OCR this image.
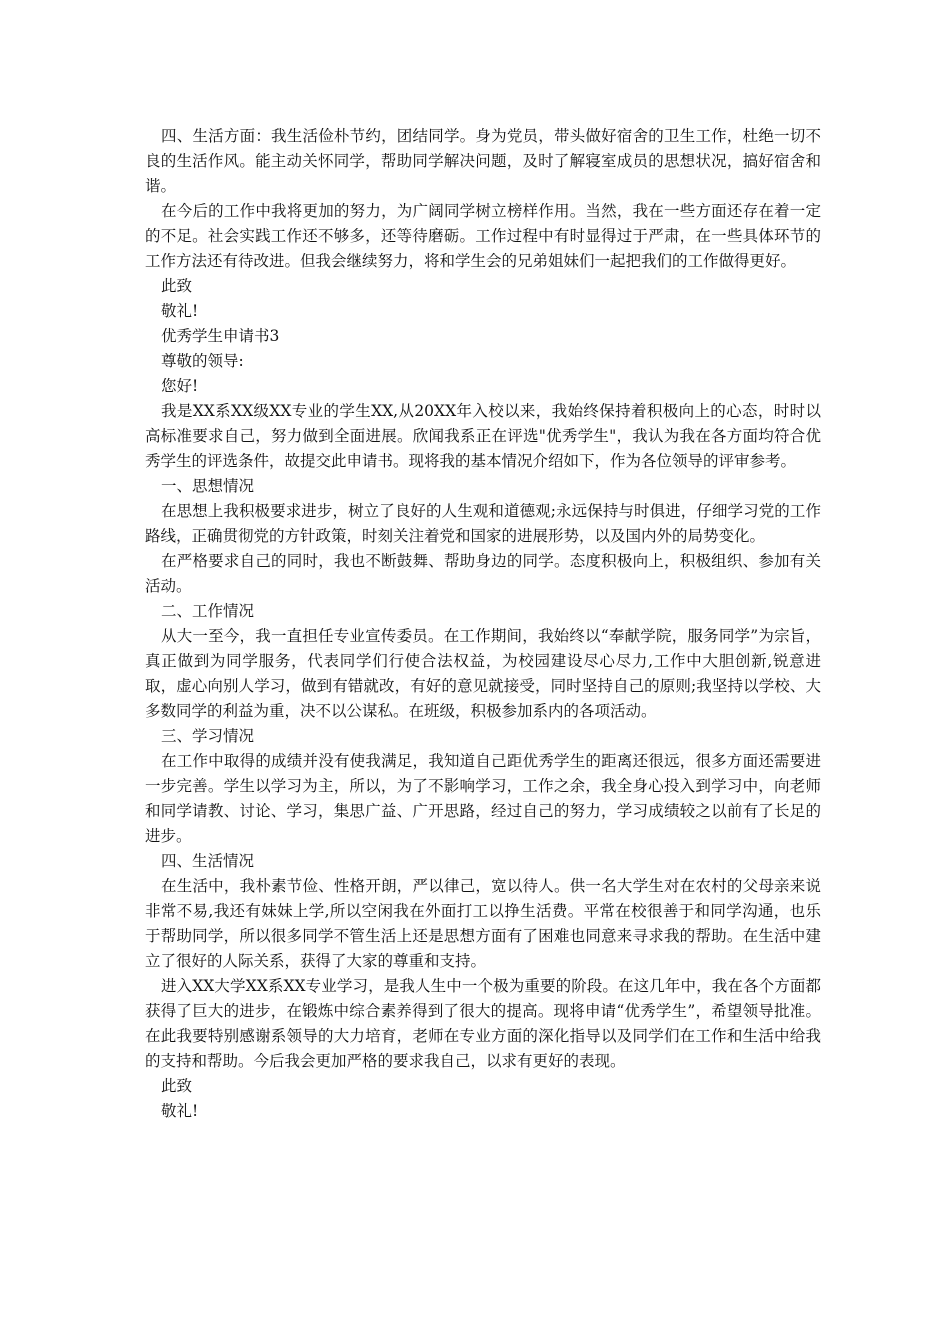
四、生活方面：我生活俭朴节约，团结同学。身为党员，带头做好宿舍的卫生工作，杜绝一切不良的生活作风。能主动关怀同学，帮助同学解决问题，及时了解寝室成员的思想状况，搞好宿舍和谐。

在今后的工作中我将更加的努力，为广阔同学树立榜样作用。当然，我在一些方面还存在着一定的不足。社会实践工作还不够多，还等待磨砺。工作过程中有时显得过于严肃，在一些具体环节的工作方法还有待改进。但我会继续努力，将和学生会的兄弟姐妹们一起把我们的工作做得更好。

此致

敬礼!

优秀学生申请书3

尊敬的领导:

您好!

我是XX系XX级XX专业的学生XX,从20XX年入校以来，我始终保持着积极向上的心态，时时以高标准要求自己，努力做到全面进展。欣闻我系正在评选"优秀学生"，我认为我在各方面均符合优秀学生的评选条件，故提交此申请书。现将我的基本情况介绍如下，作为各位领导的评审参考。

一、思想情况

在思想上我积极要求进步，树立了良好的人生观和道德观;永远保持与时俱进，仔细学习党的工作路线，正确贯彻党的方针政策，时刻关注着党和国家的进展形势，以及国内外的局势变化。

在严格要求自己的同时，我也不断鼓舞、帮助身边的同学。态度积极向上，积极组织、参加有关活动。

二、工作情况

从大一至今，我一直担任专业宣传委员。在工作期间，我始终以“奉献学院，服务同学”为宗旨，真正做到为同学服务，代表同学们行使合法权益，为校园建设尽心尽力,工作中大胆创新,锐意进取，虚心向别人学习，做到有错就改，有好的意见就接受，同时坚持自己的原则;我坚持以学校、大多数同学的利益为重，决不以公谋私。在班级，积极参加系内的各项活动。

三、学习情况

在工作中取得的成绩并没有使我满足，我知道自己距优秀学生的距离还很远，很多方面还需要进一步完善。学生以学习为主，所以，为了不影响学习，工作之余，我全身心投入到学习中，向老师和同学请教、讨论、学习，集思广益、广开思路，经过自己的努力，学习成绩较之以前有了长足的进步。

四、生活情况

在生活中，我朴素节俭、性格开朗，严以律己，宽以待人。供一名大学生对在农村的父母亲来说非常不易,我还有妹妹上学,所以空闲我在外面打工以挣生活费。平常在校很善于和同学沟通，也乐于帮助同学，所以很多同学不管生活上还是思想方面有了困难也同意来寻求我的帮助。在生活中建立了很好的人际关系，获得了大家的尊重和支持。

进入XX大学XX系XX专业学习，是我人生中一个极为重要的阶段。在这几年中，我在各个方面都获得了巨大的进步，在锻炼中综合素养得到了很大的提高。现将申请“优秀学生”，希望领导批准。在此我要特别感谢系领导的大力培育，老师在专业方面的深化指导以及同学们在工作和生活中给我的支持和帮助。今后我会更加严格的要求我自己，以求有更好的表现。

此致

敬礼!
